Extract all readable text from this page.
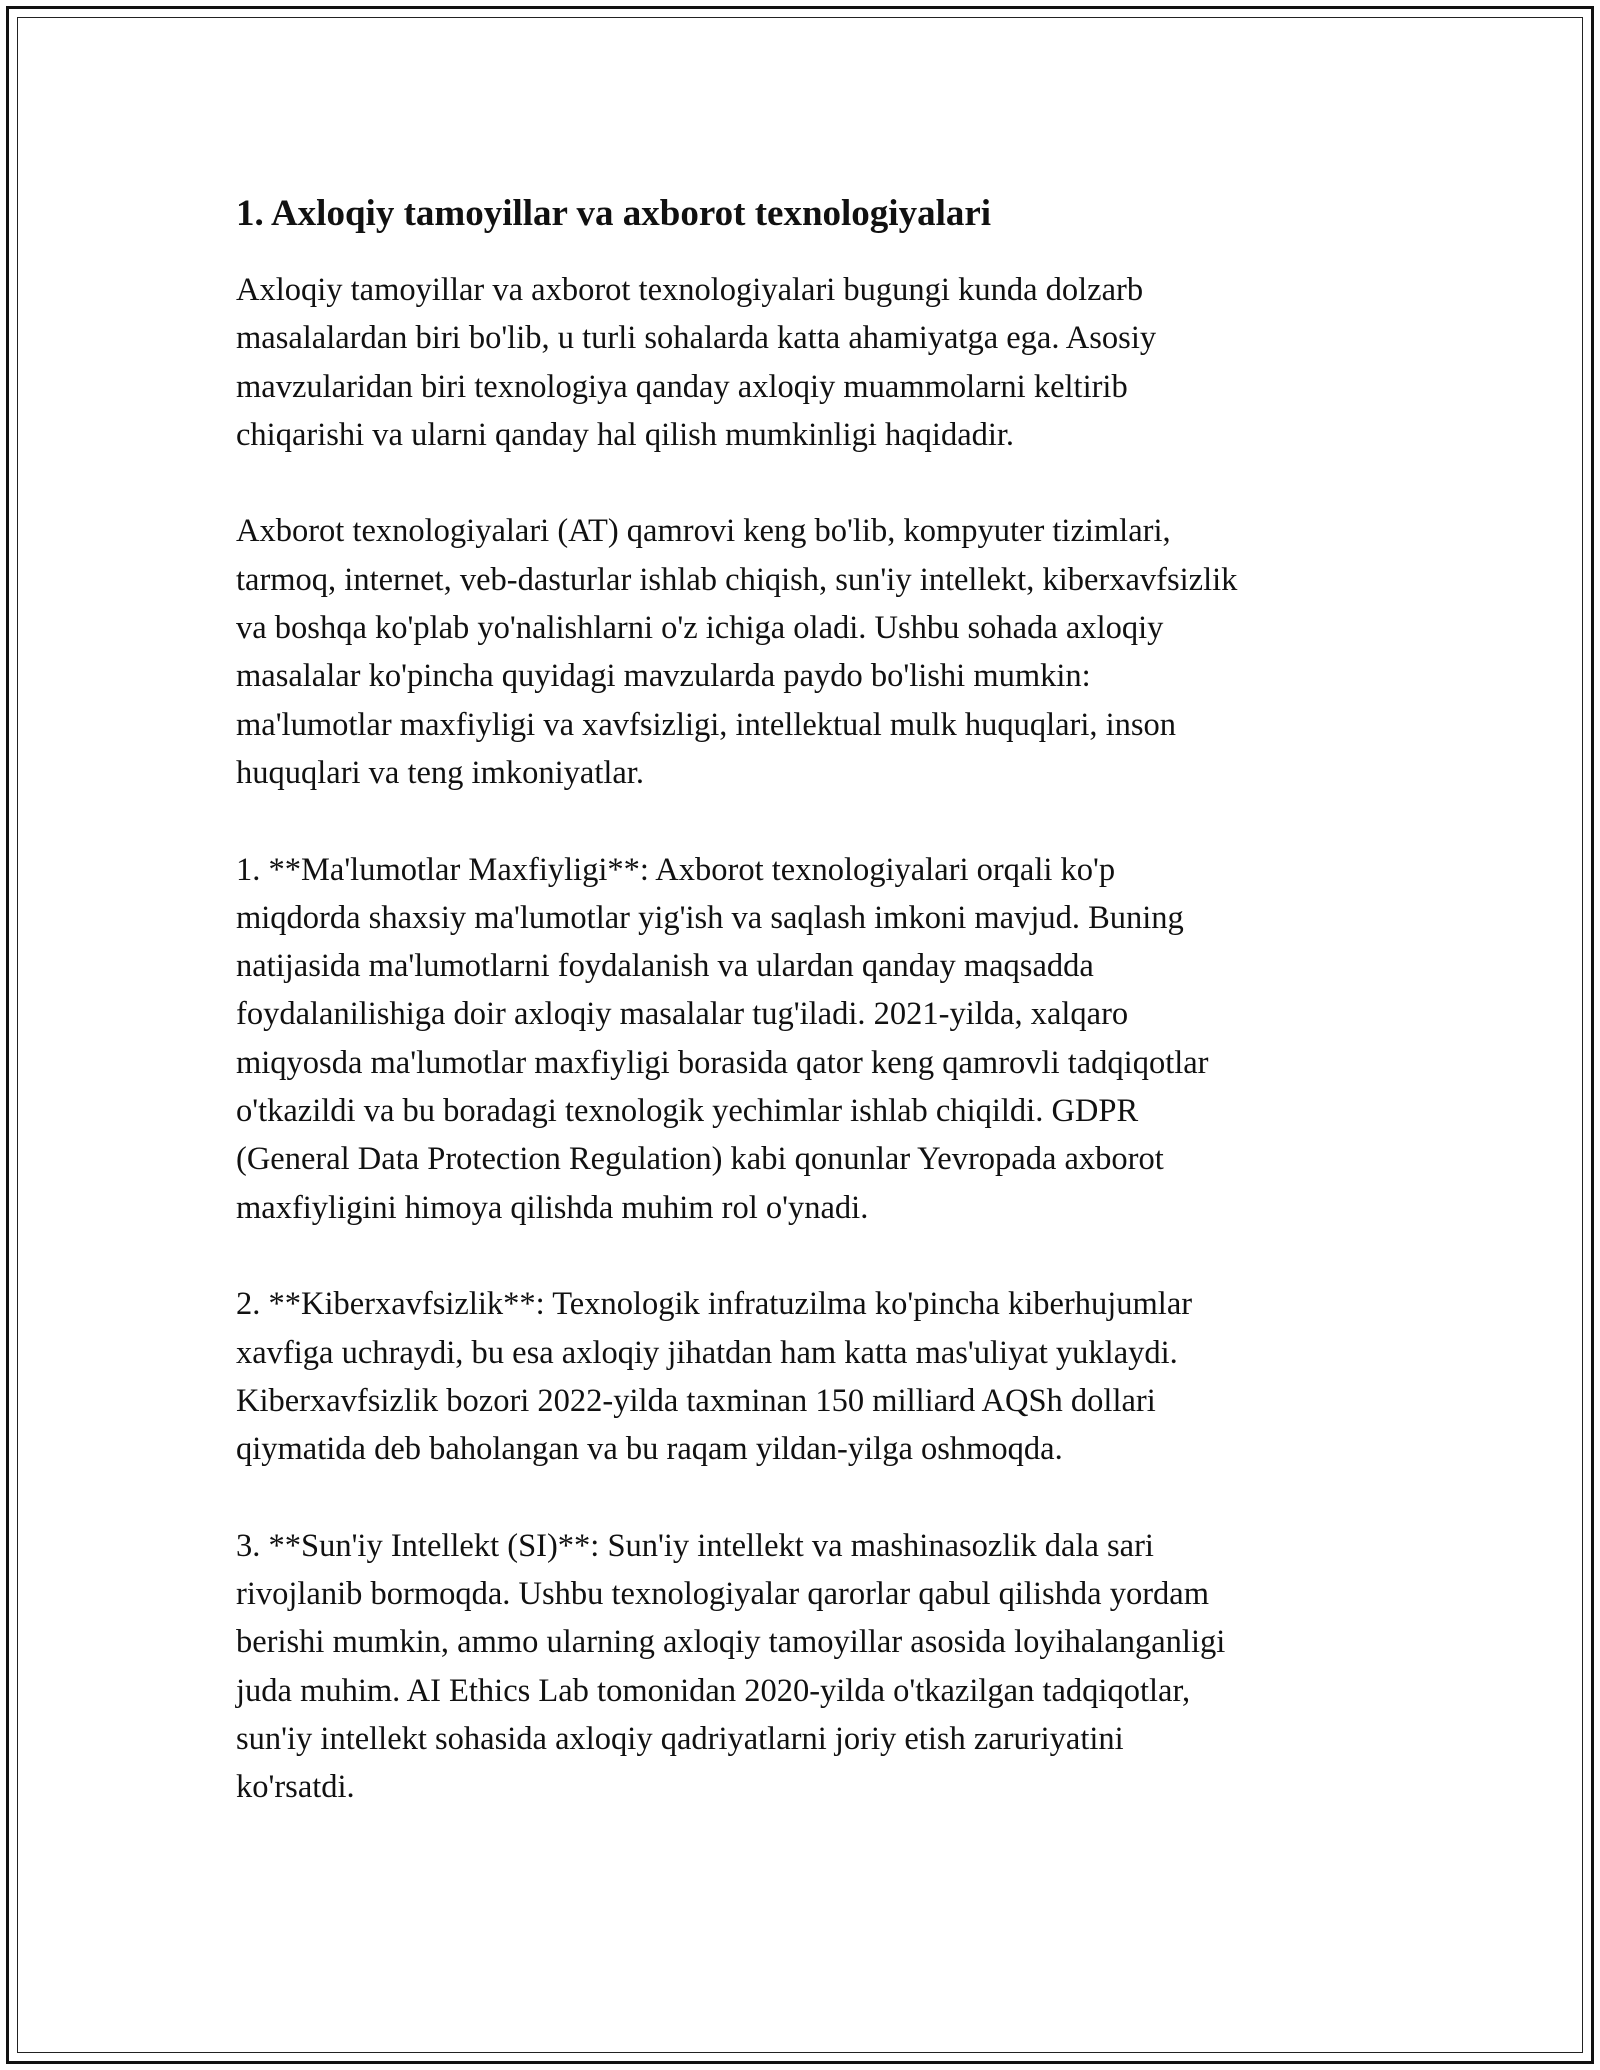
1. Axloqiy tamoyillar va axborot texnologiyalari

Axloqiy tamoyillar va axborot texnologiyalari bugungi kunda dolzarb
masalalardan biri bo'lib, u turli sohalarda katta ahamiyatga ega. Asosiy
mavzularidan biri texnologiya qanday axloqiy muammolarni keltirib
chiqarishi va ularni qanday hal qilish mumkinligi haqidadir.

Axborot texnologiyalari (AT) qamrovi keng bo'lib, kompyuter tizimlari,
tarmoq, internet, veb-dasturlar ishlab chiqish, sun'iy intellekt, kiberxavfsizlik
va boshqa ko'plab yo'nalishlarni o'z ichiga oladi. Ushbu sohada axloqiy
masalalar ko'pincha quyidagi mavzularda paydo bo'lishi mumkin:
ma'lumotlar maxfiyligi va xavfsizligi, intellektual mulk huquqlari, inson
huquqlari va teng imkoniyatlar.

1. **Ma'lumotlar Maxfiyligi**: Axborot texnologiyalari orqali ko'p
miqdorda shaxsiy ma'lumotlar yig'ish va saqlash imkoni mavjud. Buning
natijasida ma'lumotlarni foydalanish va ulardan qanday maqsadda
foydalanilishiga doir axloqiy masalalar tug'iladi. 2021-yilda, xalqaro
miqyosda ma'lumotlar maxfiyligi borasida qator keng qamrovli tadqiqotlar
o'tkazildi va bu boradagi texnologik yechimlar ishlab chiqildi. GDPR
(General Data Protection Regulation) kabi qonunlar Yevropada axborot
maxfiyligini himoya qilishda muhim rol o'ynadi.

2. **Kiberxavfsizlik**: Texnologik infratuzilma ko'pincha kiberhujumlar
xavfiga uchraydi, bu esa axloqiy jihatdan ham katta mas'uliyat yuklaydi.
Kiberxavfsizlik bozori 2022-yilda taxminan 150 milliard AQSh dollari
qiymatida deb baholangan va bu raqam yildan-yilga oshmoqda.

3. **Sun'iy Intellekt (SI)**: Sun'iy intellekt va mashinasozlik dala sari
rivojlanib bormoqda. Ushbu texnologiyalar qarorlar qabul qilishda yordam
berishi mumkin, ammo ularning axloqiy tamoyillar asosida loyihalanganligi
juda muhim. AI Ethics Lab tomonidan 2020-yilda o'tkazilgan tadqiqotlar,
sun'iy intellekt sohasida axloqiy qadriyatlarni joriy etish zaruriyatini
ko'rsatdi.
